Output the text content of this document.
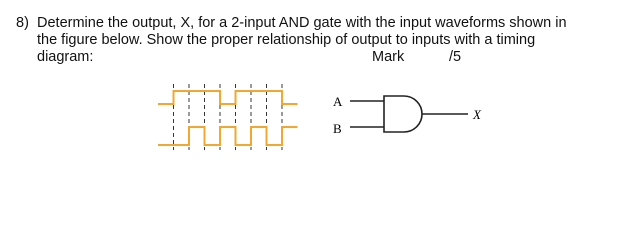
8) Determine the output, X, for a 2-input AND gate with the input waveforms shown in
the figure below. Show the proper relationship of output to inputs with a timing
diagram:	Mark	/5
A
B
X
